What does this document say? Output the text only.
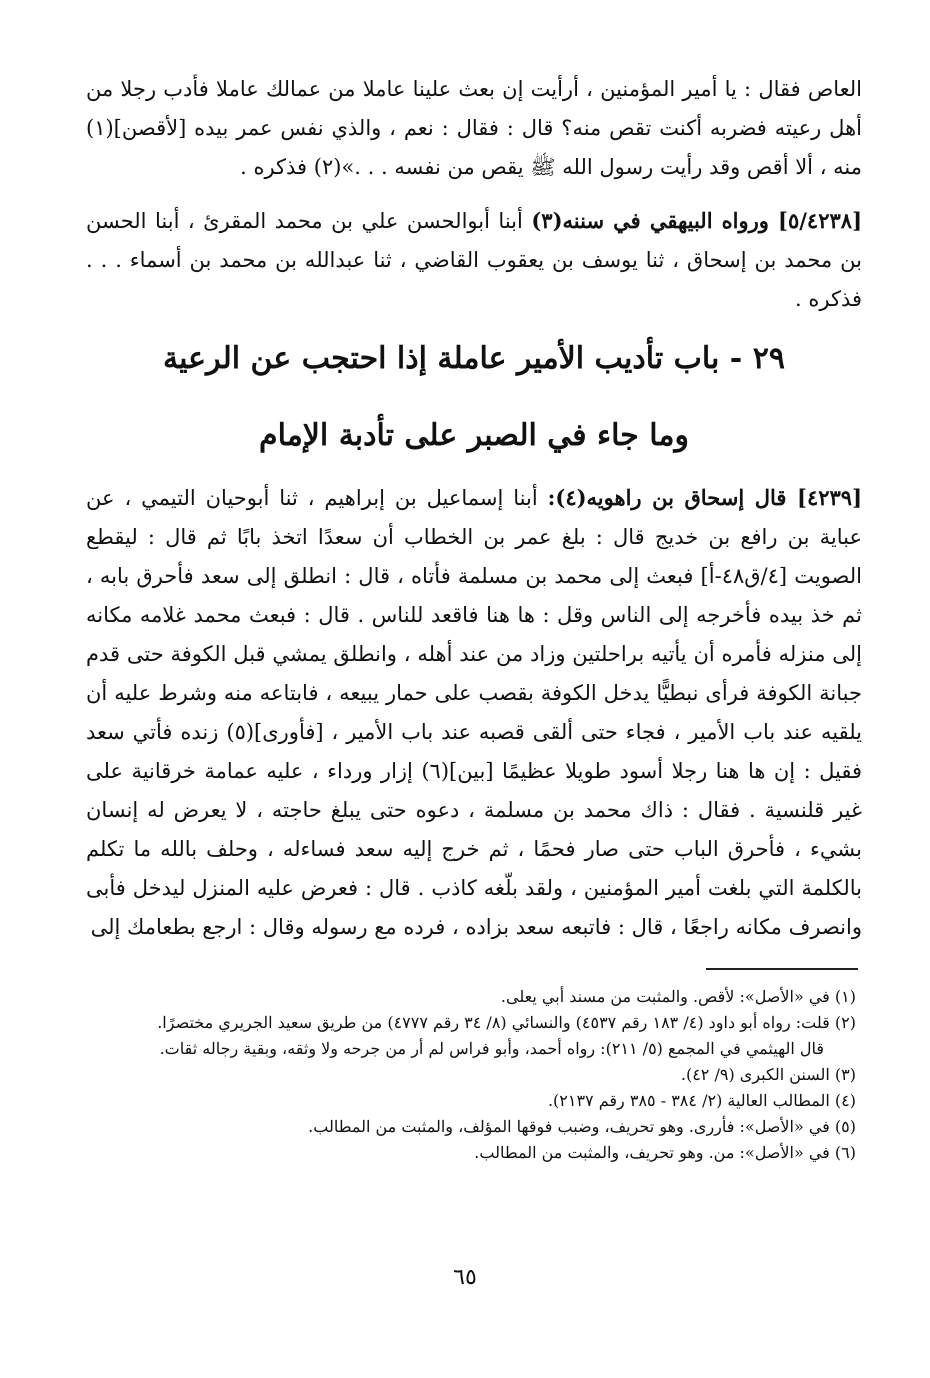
العاص فقال : يا أمير المؤمنين ، أرأيت إن بعث علينا عاملا من عمالك عاملا فأدب رجلا من أهل رعيته فضربه أكنت تقص منه؟ قال : فقال : نعم ، والذي نفس عمر بيده [لأقصن](١) منه ، ألا أقص وقد رأيت رسول الله ﷺ يقص من نفسه . . .»(٢) فذكره .

[٥/٤٢٣٨] ورواه البيهقي في سننه(٣) أبنا أبوالحسن علي بن محمد المقرئ ، أبنا الحسن بن محمد بن إسحاق ، ثنا يوسف بن يعقوب القاضي ، ثنا عبدالله بن محمد بن أسماء . . . فذكره .

٢٩ - باب تأديب الأمير عاملة إذا احتجب عن الرعية
وما جاء في الصبر على تأدبة الإمام

[٤٢٣٩] قال إسحاق بن راهويه(٤): أبنا إسماعيل بن إبراهيم ، ثنا أبوحيان التيمي ، عن عباية بن رافع بن خديج قال : بلغ عمر بن الخطاب أن سعدًا اتخذ بابًا ثم قال : ليقطع الصويت [٤/ق٤٨-أ] فبعث إلى محمد بن مسلمة فأتاه ، قال : انطلق إلى سعد فأحرق بابه ، ثم خذ بيده فأخرجه إلى الناس وقل : ها هنا فاقعد للناس . قال : فبعث محمد غلامه مكانه إلى منزله فأمره أن يأتيه براحلتين وزاد من عند أهله ، وانطلق يمشي قبل الكوفة حتى قدم جبانة الكوفة فرأى نبطيًّا يدخل الكوفة بقصب على حمار يبيعه ، فابتاعه منه وشرط عليه أن يلقيه عند باب الأمير ، فجاء حتى ألقى قصبه عند باب الأمير ، [فأورى](٥) زنده فأتي سعد فقيل : إن ها هنا رجلا أسود طويلا عظيمًا [بين](٦) إزار ورداء ، عليه عمامة خرقانية على غير قلنسية . فقال : ذاك محمد بن مسلمة ، دعوه حتى يبلغ حاجته ، لا يعرض له إنسان بشيء ، فأحرق الباب حتى صار فحمًا ، ثم خرج إليه سعد فساءله ، وحلف بالله ما تكلم بالكلمة التي بلغت أمير المؤمنين ، ولقد بلّغه كاذب . قال : فعرض عليه المنزل ليدخل فأبى وانصرف مكانه راجعًا ، قال : فاتبعه سعد بزاده ، فرده مع رسوله وقال : ارجع بطعامك إلى

(١) في «الأصل»: لأقص. والمثبت من مسند أبي يعلى.

(٢) قلت: رواه أبو داود (٤/ ١٨٣ رقم ٤٥٣٧) والنسائي (٨/ ٣٤ رقم ٤٧٧٧) من طريق سعيد الجريري مختصرًا.

قال الهيثمي في المجمع (٥/ ٢١١): رواه أحمد، وأبو فراس لم أر من جرحه ولا وثقه، وبقية رجاله ثقات.

(٣) السنن الكبرى (٩/ ٤٢).

(٤) المطالب العالية (٢/ ٣٨٤ - ٣٨٥ رقم ٢١٣٧).

(٥) في «الأصل»: فأررى. وهو تحريف، وضبب فوقها المؤلف، والمثبت من المطالب.

(٦) في «الأصل»: من. وهو تحريف، والمثبت من المطالب.

٦٥
